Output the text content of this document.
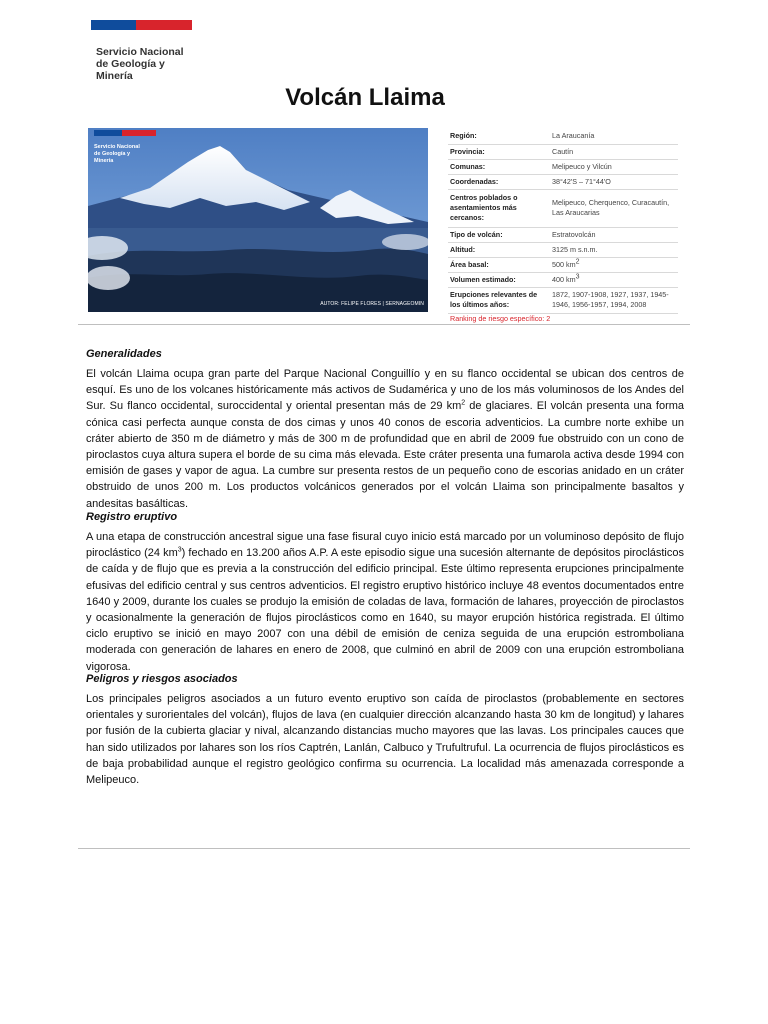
Servicio Nacional
de Geología y
Minería
Volcán Llaima
Servicio Nacional
de Geología y
Minería
AUTOR: FELIPE FLORES | SERNAGEOMIN
Región:	La Araucanía
Provincia:	Cautín
Comunas:	Melipeuco y Vilcún
Coordenadas:	38°42'S – 71°44'O
Centros poblados o asentamientos más cercanos:	Melipeuco, Cherquenco, Curacautín, Las Araucarias
Tipo de volcán:	Estratovolcán
Altitud:	3125 m s.n.m.
Área basal:	500 $km^2$
Volumen estimado:	400 $km^3$
Erupciones relevantes de los últimos años:	1872, 1907-1908, 1927, 1937, 1945-1946, 1956-1957, 1994, 2008
Ranking de riesgo específico: 2	
Generalidades
El volcán Llaima ocupa gran parte del Parque Nacional Conguillío y en su flanco occidental se ubican dos centros de esquí. Es uno de los volcanes históricamente más activos de Sudamérica y uno de los más voluminosos de los Andes del Sur. Su flanco occidental, suroccidental y oriental presentan más de 29 $km^2$ de glaciares. El volcán presenta una forma cónica casi perfecta aunque consta de dos cimas y unos 40 conos de escoria adventicios. La cumbre norte exhibe un cráter abierto de 350 m de diámetro y más de 300 m de profundidad que en abril de 2009 fue obstruido con un cono de piroclastos cuya altura supera el borde de su cima más elevada. Este cráter presenta una fumarola activa desde 1994 con emisión de gases y vapor de agua. La cumbre sur presenta restos de un pequeño cono de escorias anidado en un cráter obstruido de unos 200 m. Los productos volcánicos generados por el volcán Llaima son principalmente basaltos y andesitas basálticas.
Registro eruptivo
A una etapa de construcción ancestral sigue una fase fisural cuyo inicio está marcado por un voluminoso depósito de flujo piroclástico (24 $km^3$) fechado en 13.200 años A.P. A este episodio sigue una sucesión alternante de depósitos piroclásticos de caída y de flujo que es previa a la construcción del edificio principal. Este último representa erupciones principalmente efusivas del edificio central y sus centros adventicios. El registro eruptivo histórico incluye 48 eventos documentados entre 1640 y 2009, durante los cuales se produjo la emisión de coladas de lava, formación de lahares, proyección de piroclastos y ocasionalmente la generación de flujos piroclásticos como en 1640, su mayor erupción histórica registrada. El último ciclo eruptivo se inició en mayo 2007 con una débil de emisión de ceniza seguida de una erupción estromboliana moderada con generación de lahares en enero de 2008, que culminó en abril de 2009 con una erupción estromboliana vigorosa.
Peligros y riesgos asociados
Los principales peligros asociados a un futuro evento eruptivo son caída de piroclastos (probablemente en sectores orientales y surorientales del volcán), flujos de lava (en cualquier dirección alcanzando hasta 30 km de longitud) y lahares por fusión de la cubierta glaciar y nival, alcanzando distancias mucho mayores que las lavas. Los principales cauces que han sido utilizados por lahares son los ríos Captrén, Lanlán, Calbuco y Trufultruful. La ocurrencia de flujos piroclásticos es de baja probabilidad aunque el registro geológico confirma su ocurrencia. La localidad más amenazada corresponde a Melipeuco.
